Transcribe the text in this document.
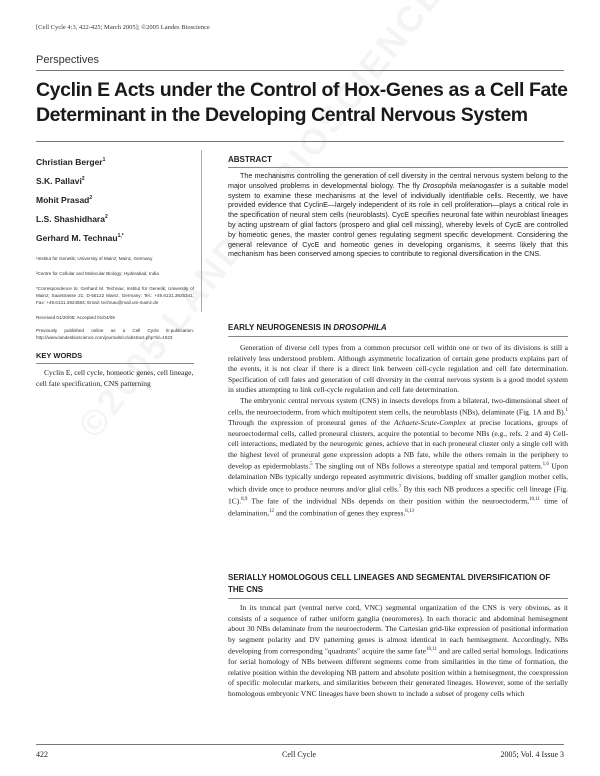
[Cell Cycle 4:3, 422-425; March 2005]; ©2005 Landes Bioscience
Perspectives
Cyclin E Acts under the Control of Hox-Genes as a Cell Fate Determinant in the Developing Central Nervous System
Christian Berger$^1$
S.K. Pallavi$^2$
Mohit Prasad$^2$
L.S. Shashidhara$^2$
Gerhard M. Technau$^{1,*}$
¹Institut für Genetik; University of Mainz; Mainz, Germany
²Centre for Cellular and Molecular Biology; Hyderabad, India
*Correspondence to: Gerhard M. Technau; Institut für Genetik; University of Mainz; Saarstrasse 21; D-55122 Mainz, Germany; Tel.: +49.6131.3925341; Fax: +49.6131.3924584; Email: technau@mail.uni-mainz.de
Received 01/20/05; Accepted 01/04/05
Previously published online as a Cell Cycle E-publication: http://www.landesbioscience.com/journals/cc/abstract.php?id=1523
KEY WORDS
Cyclin E, cell cycle, homeotic genes, cell lineage, cell fate specification, CNS patterning
ABSTRACT

The mechanisms controlling the generation of cell diversity in the central nervous system belong to the major unsolved problems in developmental biology. The fly Drosophila melanogaster is a suitable model system to examine these mechanisms at the level of individually identifiable cells. Recently, we have provided evidence that CyclinE—largely independent of its role in cell proliferation—plays a critical role in the specification of neural stem cells (neuroblasts). CycE specifies neuronal fate within neuroblast lineages by acting upstream of glial factors (prospero and glial cell missing), whereby levels of CycE are controlled by homeotic genes, the master control genes regulating segment specific development. Considering the general relevance of CycE and homeotic genes in developing organisms, it seems likely that this mechanism has been conserved among species to contribute to regional diversification in the CNS.

EARLY NEUROGENESIS IN DROSOPHILA

Generation of diverse cell types from a common precursor cell within one or two of its divisions is still a relatively less understood problem. Although asymmetric localization of certain gene products explains part of the events, it is not clear if there is a direct link between cell-cycle regulation and cell fate determination. Specification of cell fates and generation of cell diversity in the central nervous system is a good model system in studies attempting to link cell-cycle regulation and cell fate determination.

The embryonic central nervous system (CNS) in insects develops from a bilateral, two-dimensional sheet of cells, the neuroectoderm, from which multipotent stem cells, the neuroblasts (NBs), delaminate (Fig. 1A and B).$^1$ Through the expression of proneural genes of the Achaete-Scute-Complex at precise locations, groups of neuroectodermal cells, called proneural clusters, acquire the potential to become NBs (e.g., refs. 2 and 4) Cell-cell interactions, mediated by the neurogenic genes, achieve that in each proneural cluster only a single cell with the highest level of proneural gene expression adopts a NB fate, while the others remain in the periphery to develop as epidermoblasts.$^5$ The singling out of NBs follows a stereotype spatial and temporal pattern.$^{1,6}$ Upon delamination NBs typically undergo repeated asymmetric divisions, budding off smaller ganglion mother cells, which divide once to produce neurons and/or glial cells.$^7$ By this each NB produces a specific cell lineage (Fig. 1C).$^{8,9}$ The fate of the individual NBs depends on their position within the neuroectoderm,$^{10,11}$ time of delamination,$^{12}$ and the combination of genes they express.$^{6,13}$

SERIALLY HOMOLOGOUS CELL LINEAGES AND SEGMENTAL DIVERSIFICATION OF THE CNS

In its truncal part (ventral nerve cord, VNC) segmental organization of the CNS is very obvious, as it consists of a sequence of rather uniform ganglia (neuromeres). In each thoracic and abdominal hemisegment about 30 NBs delaminate from the neuroectoderm. The Cartesian grid-like expression of positional information by segment polarity and DV patterning genes is almost identical in each hemisegment. Accordingly, NBs developing from corresponding "quadrants" acquire the same fate$^{10,11}$ and are called serial homologs. Indications for serial homology of NBs between different segments come from similarities in the time of formation, the relative position within the developing NB pattern and absolute position within a hemisegment, the coexpression of specific molecular markers, and similarities between their generated lineages. However, some of the serially homologous embryonic VNC lineages have been shown to include a subset of progeny cells which

422	Cell Cycle	2005; Vol. 4 Issue 3
